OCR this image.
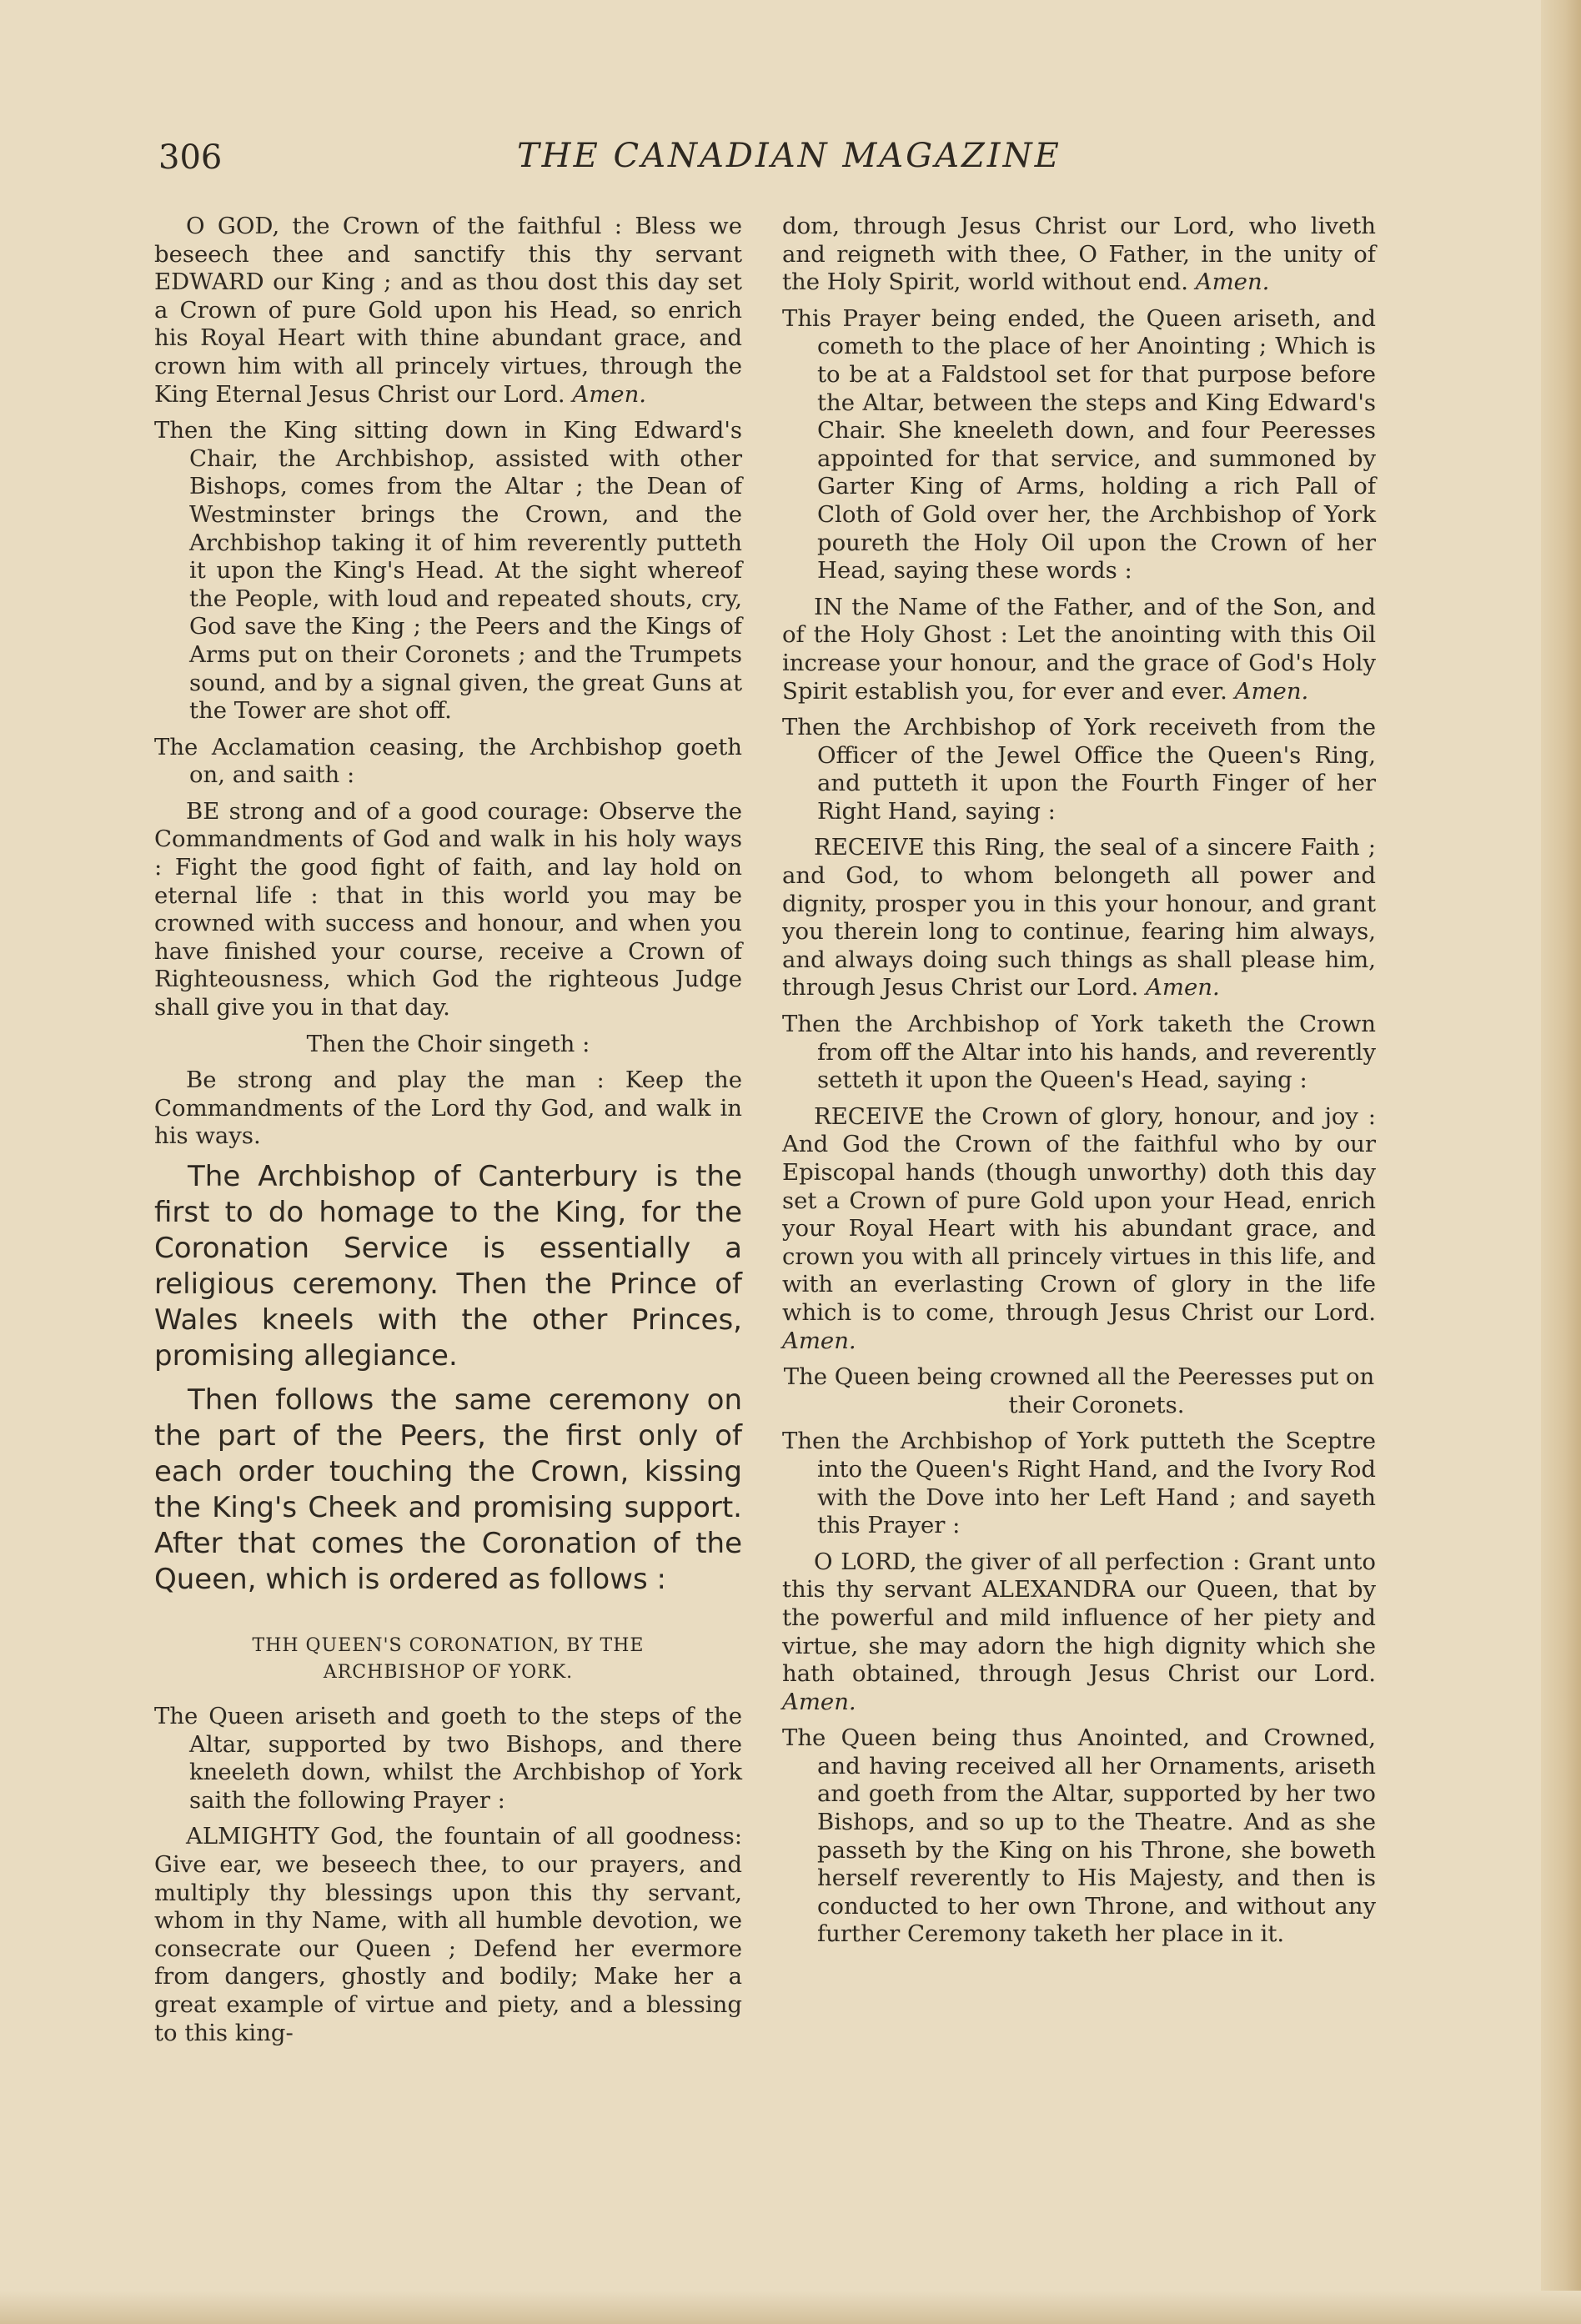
306	THE CANADIAN MAGAZINE

O GOD, the Crown of the faithful : Bless we beseech thee and sanctify this thy servant EDWARD our King ; and as thou dost this day set a Crown of pure Gold upon his Head, so enrich his Royal Heart with thine abundant grace, and crown him with all princely virtues, through the King Eternal Jesus Christ our Lord. Amen.

Then the King sitting down in King Edward's Chair, the Archbishop, assisted with other Bishops, comes from the Altar ; the Dean of Westminster brings the Crown, and the Archbishop taking it of him reverently putteth it upon the King's Head. At the sight whereof the People, with loud and repeated shouts, cry, God save the King ; the Peers and the Kings of Arms put on their Coronets ; and the Trumpets sound, and by a signal given, the great Guns at the Tower are shot off.

The Acclamation ceasing, the Archbishop goeth on, and saith :

BE strong and of a good courage: Observe the Commandments of God and walk in his holy ways : Fight the good fight of faith, and lay hold on eternal life : that in this world you may be crowned with success and honour, and when you have finished your course, receive a Crown of Righteousness, which God the righteous Judge shall give you in that day.

Then the Choir singeth :

Be strong and play the man : Keep the Commandments of the Lord thy God, and walk in his ways.

The Archbishop of Canterbury is the first to do homage to the King, for the Coronation Service is essentially a religious ceremony. Then the Prince of Wales kneels with the other Princes, promising allegiance.

Then follows the same ceremony on the part of the Peers, the first only of each order touching the Crown, kissing the King's Cheek and promising support. After that comes the Coronation of the Queen, which is ordered as follows :

THH QUEEN'S CORONATION, BY THE ARCHBISHOP OF YORK.

The Queen ariseth and goeth to the steps of the Altar, supported by two Bishops, and there kneeleth down, whilst the Archbishop of York saith the following Prayer :

ALMIGHTY God, the fountain of all goodness: Give ear, we beseech thee, to our prayers, and multiply thy blessings upon this thy servant, whom in thy Name, with all humble devotion, we consecrate our Queen ; Defend her evermore from dangers, ghostly and bodily; Make her a great example of virtue and piety, and a blessing to this king-

dom, through Jesus Christ our Lord, who liveth and reigneth with thee, O Father, in the unity of the Holy Spirit, world without end. Amen.

This Prayer being ended, the Queen ariseth, and cometh to the place of her Anointing ; Which is to be at a Faldstool set for that purpose before the Altar, between the steps and King Edward's Chair. She kneeleth down, and four Peeresses appointed for that service, and summoned by Garter King of Arms, holding a rich Pall of Cloth of Gold over her, the Archbishop of York poureth the Holy Oil upon the Crown of her Head, saying these words :

IN the Name of the Father, and of the Son, and of the Holy Ghost : Let the anointing with this Oil increase your honour, and the grace of God's Holy Spirit establish you, for ever and ever. Amen.

Then the Archbishop of York receiveth from the Officer of the Jewel Office the Queen's Ring, and putteth it upon the Fourth Finger of her Right Hand, saying :

RECEIVE this Ring, the seal of a sincere Faith ; and God, to whom belongeth all power and dignity, prosper you in this your honour, and grant you therein long to continue, fearing him always, and always doing such things as shall please him, through Jesus Christ our Lord. Amen.

Then the Archbishop of York taketh the Crown from off the Altar into his hands, and reverently setteth it upon the Queen's Head, saying :

RECEIVE the Crown of glory, honour, and joy : And God the Crown of the faithful who by our Episcopal hands (though unworthy) doth this day set a Crown of pure Gold upon your Head, enrich your Royal Heart with his abundant grace, and crown you with all princely virtues in this life, and with an everlasting Crown of glory in the life which is to come, through Jesus Christ our Lord. Amen.

The Queen being crowned all the Peeresses put on their Coronets.

Then the Archbishop of York putteth the Sceptre into the Queen's Right Hand, and the Ivory Rod with the Dove into her Left Hand ; and sayeth this Prayer :

O LORD, the giver of all perfection : Grant unto this thy servant ALEXANDRA our Queen, that by the powerful and mild influence of her piety and virtue, she may adorn the high dignity which she hath obtained, through Jesus Christ our Lord. Amen.

The Queen being thus Anointed, and Crowned, and having received all her Ornaments, ariseth and goeth from the Altar, supported by her two Bishops, and so up to the Theatre. And as she passeth by the King on his Throne, she boweth herself reverently to His Majesty, and then is conducted to her own Throne, and without any further Ceremony taketh her place in it.
